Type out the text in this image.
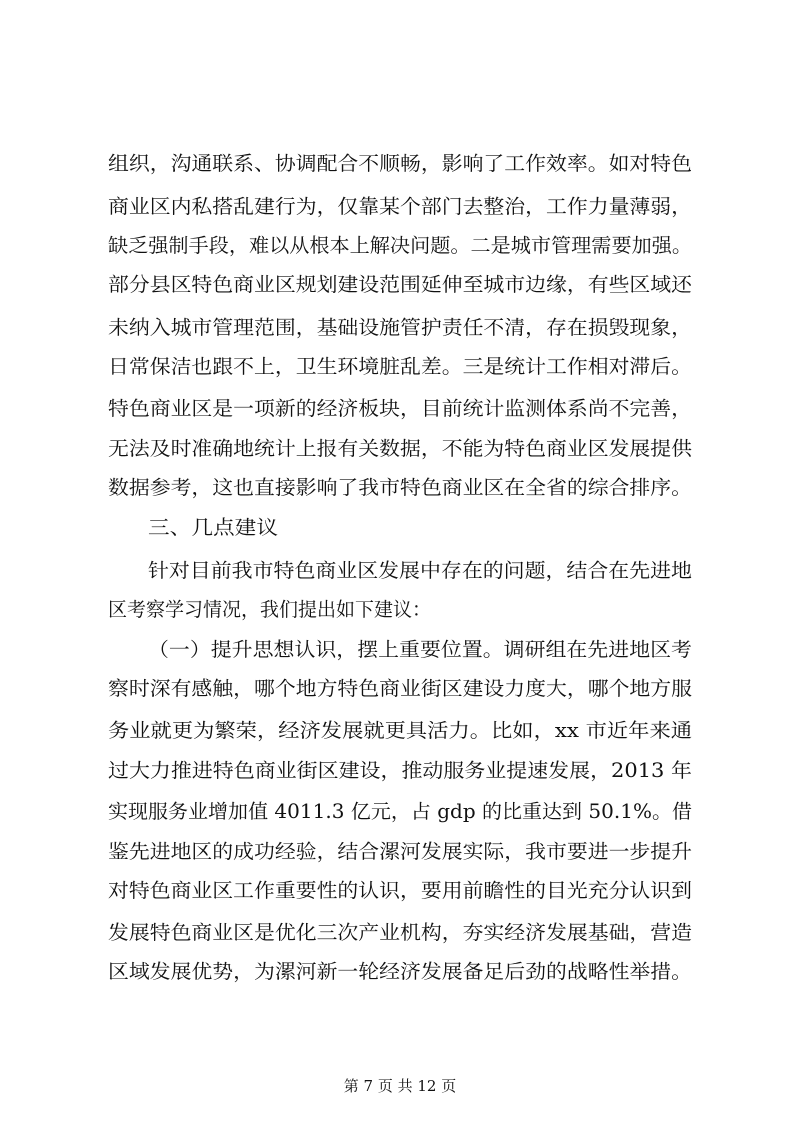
组织，沟通联系、协调配合不顺畅，影响了工作效率。如对特色
商业区内私搭乱建行为，仅靠某个部门去整治，工作力量薄弱，
缺乏强制手段，难以从根本上解决问题。二是城市管理需要加强。
部分县区特色商业区规划建设范围延伸至城市边缘，有些区域还
未纳入城市管理范围，基础设施管护责任不清，存在损毁现象，
日常保洁也跟不上，卫生环境脏乱差。三是统计工作相对滞后。
特色商业区是一项新的经济板块，目前统计监测体系尚不完善，
无法及时准确地统计上报有关数据，不能为特色商业区发展提供
数据参考，这也直接影响了我市特色商业区在全省的综合排序。
三、几点建议
针对目前我市特色商业区发展中存在的问题，结合在先进地
区考察学习情况，我们提出如下建议：
（一）提升思想认识，摆上重要位置。调研组在先进地区考
察时深有感触，哪个地方特色商业街区建设力度大，哪个地方服
务业就更为繁荣，经济发展就更具活力。比如，xx 市近年来通
过大力推进特色商业街区建设，推动服务业提速发展，2013 年
实现服务业增加值 4011.3 亿元，占 gdp 的比重达到 50.1%。借
鉴先进地区的成功经验，结合漯河发展实际，我市要进一步提升
对特色商业区工作重要性的认识，要用前瞻性的目光充分认识到
发展特色商业区是优化三次产业机构，夯实经济发展基础，营造
区域发展优势，为漯河新一轮经济发展备足后劲的战略性举措。
第 7 页 共 12 页
